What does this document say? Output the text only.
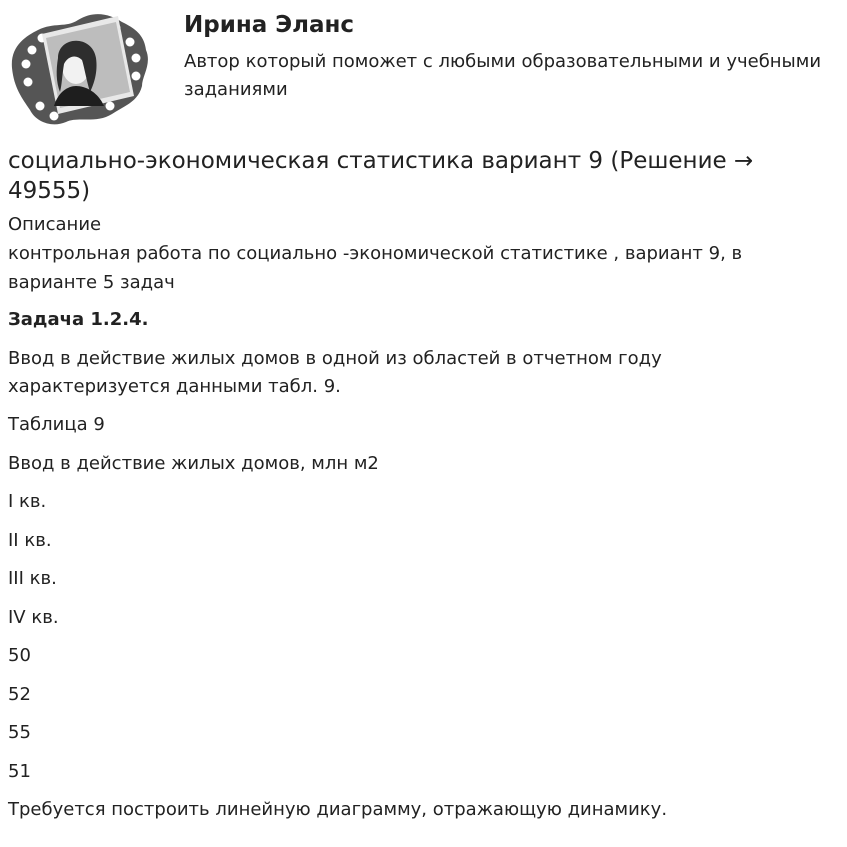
Ирина Эланс
Автор который поможет с любыми образовательными и учебными заданиями
социально-экономическая статистика вариант 9 (Решение → 49555)
Описание
контрольная работа по социально -экономической статистике , вариант 9, в варианте 5 задач
Задача 1.2.4.
Ввод в действие жилых домов в одной из областей в отчетном году характеризуется данными табл. 9.
Таблица 9
Ввод в действие жилых домов, млн м2
I кв.
II кв.
III кв.
IV кв.
50
52
55
51
Требуется построить линейную диаграмму, отражающую динамику.
